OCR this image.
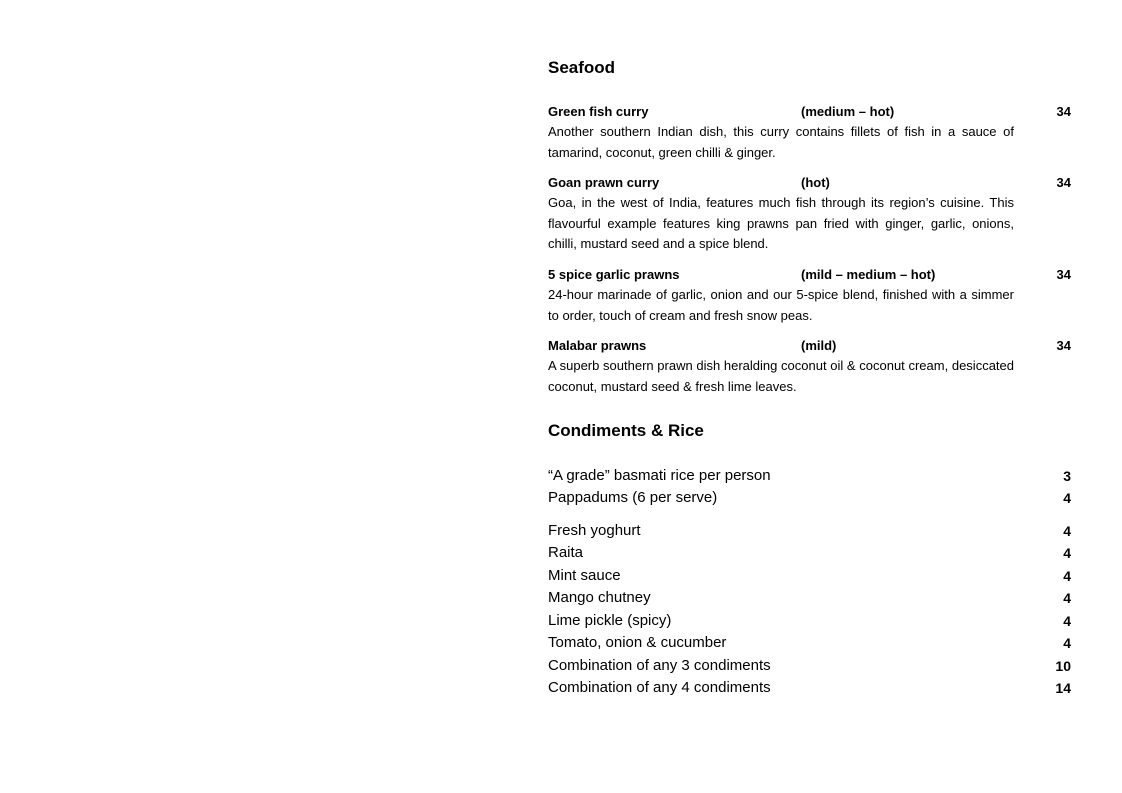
Seafood
Green fish curry	(medium – hot)	34
Another southern Indian dish, this curry contains fillets of fish in a sauce of tamarind, coconut, green chilli & ginger.
Goan prawn curry	(hot)	34
Goa, in the west of India, features much fish through its region’s cuisine. This flavourful example features king prawns pan fried with ginger, garlic, onions, chilli, mustard seed and a spice blend.
5 spice garlic prawns	(mild – medium – hot)	34
24-hour marinade of garlic, onion and our 5-spice blend, finished with a simmer to order, touch of cream and fresh snow peas.
Malabar prawns	(mild)	34
A superb southern prawn dish heralding coconut oil & coconut cream, desiccated coconut, mustard seed & fresh lime leaves.
Condiments & Rice
“A grade” basmati rice per person	3
Pappadums (6 per serve)	4
Fresh yoghurt	4
Raita	4
Mint sauce	4
Mango chutney	4
Lime pickle (spicy)	4
Tomato, onion & cucumber	4
Combination of any 3 condiments	10
Combination of any 4 condiments	14
